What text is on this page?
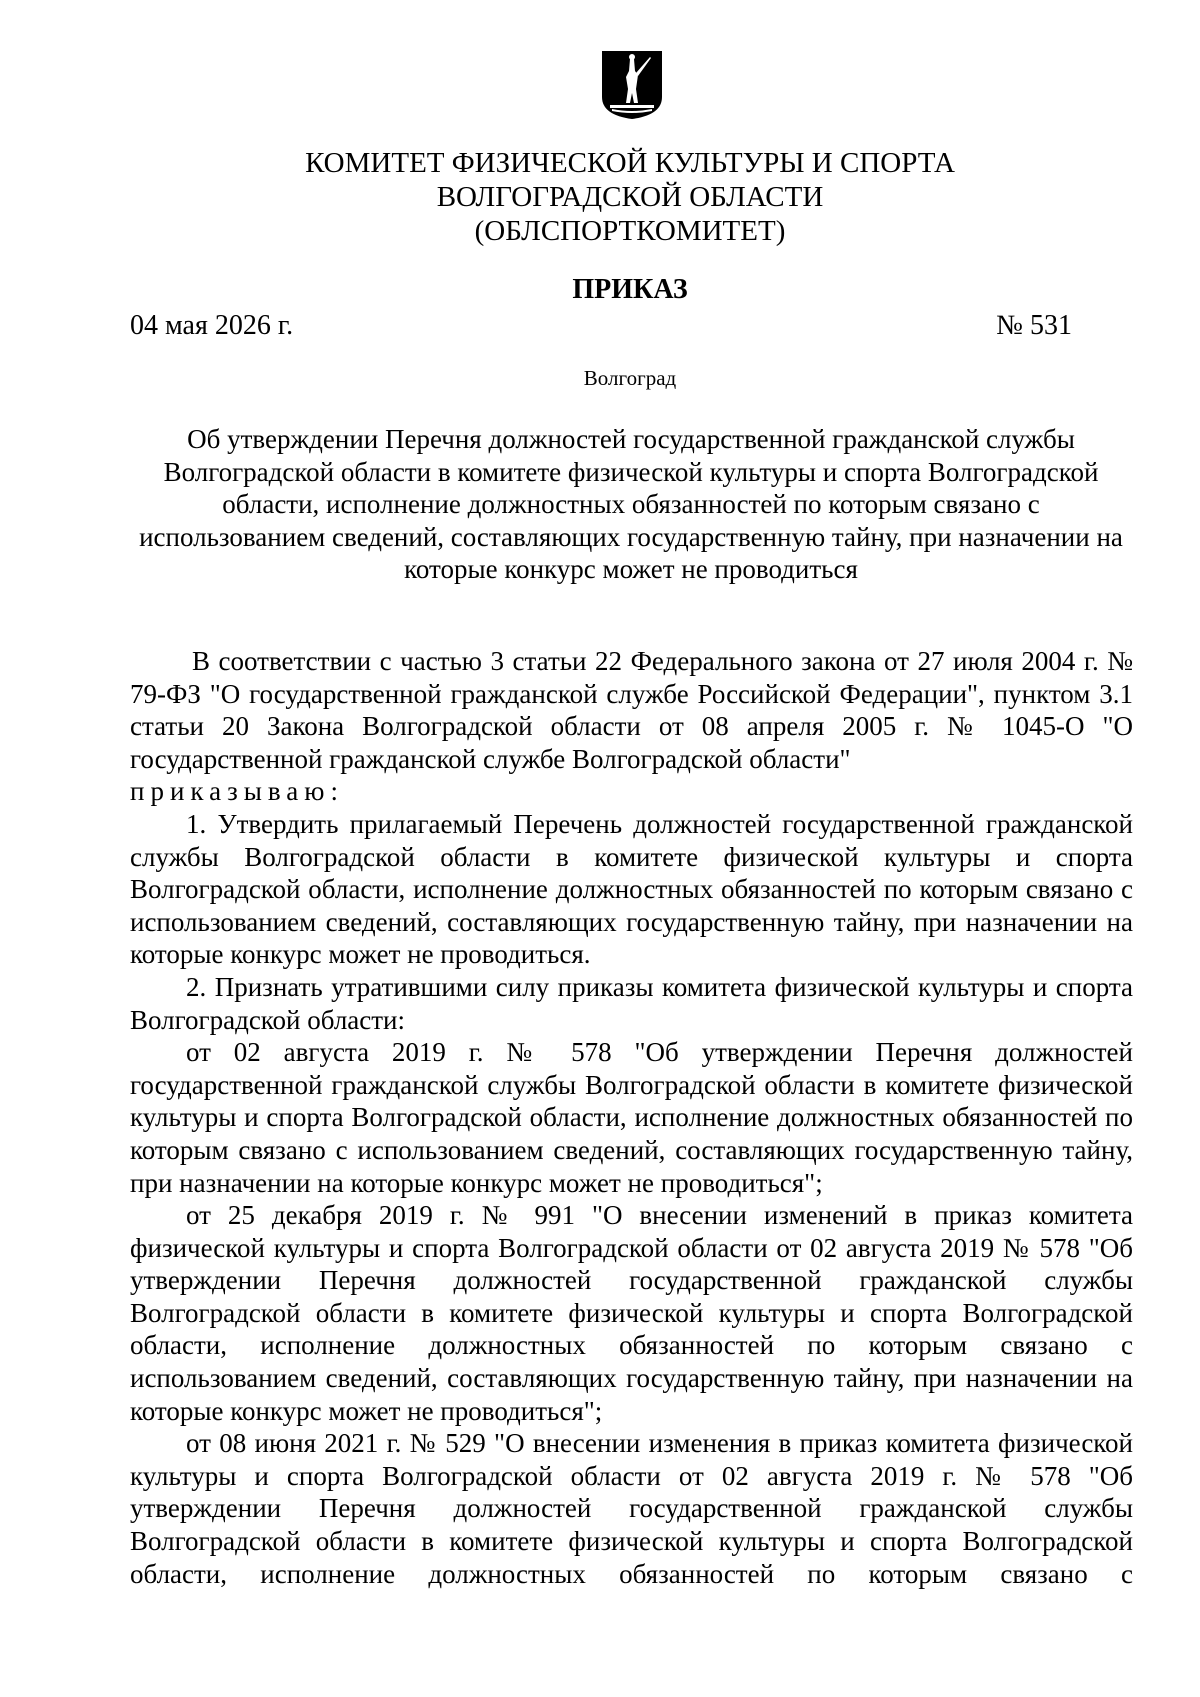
КОМИТЕТ ФИЗИЧЕСКОЙ КУЛЬТУРЫ И СПОРТА
ВОЛГОГРАДСКОЙ ОБЛАСТИ
(ОБЛСПОРТКОМИТЕТ)
ПРИКАЗ
04 мая 2026 г.	№ 531
Волгоград
Об утверждении Перечня должностей государственной гражданской службы Волгоградской области в комитете физической культуры и спорта Волгоградской области, исполнение должностных обязанностей по которым связано с использованием сведений, составляющих государственную тайну, при назначении на которые конкурс может не проводиться

В соответствии с частью 3 статьи 22 Федерального закона от 27 июля 2004 г. № 79-ФЗ "О государственной гражданской службе Российской Федерации", пунктом 3.1 статьи 20 Закона Волгоградской области от 08 апреля 2005 г. № 1045-О "О государственной гражданской службе Волгоградской области"
приказываю:

1. Утвердить прилагаемый Перечень должностей государственной гражданской службы Волгоградской области в комитете физической культуры и спорта Волгоградской области, исполнение должностных обязанностей по которым связано с использованием сведений, составляющих государственную тайну, при назначении на которые конкурс может не проводиться.

2. Признать утратившими силу приказы комитета физической культуры и спорта Волгоградской области:

от 02 августа 2019 г. № 578 "Об утверждении Перечня должностей государственной гражданской службы Волгоградской области в комитете физической культуры и спорта Волгоградской области, исполнение должностных обязанностей по которым связано с использованием сведений, составляющих государственную тайну, при назначении на которые конкурс может не проводиться";

от 25 декабря 2019 г. № 991 "О внесении изменений в приказ комитета физической культуры и спорта Волгоградской области от 02 августа 2019 № 578 "Об утверждении Перечня должностей государственной гражданской службы Волгоградской области в комитете физической культуры и спорта Волгоградской области, исполнение должностных обязанностей по которым связано с использованием сведений, составляющих государственную тайну, при назначении на которые конкурс может не проводиться";

от 08 июня 2021 г. № 529 "О внесении изменения в приказ комитета физической культуры и спорта Волгоградской области от 02 августа 2019 г. № 578 "Об утверждении Перечня должностей государственной гражданской службы Волгоградской области в комитете физической культуры и спорта Волгоградской области, исполнение должностных обязанностей по которым связано с
